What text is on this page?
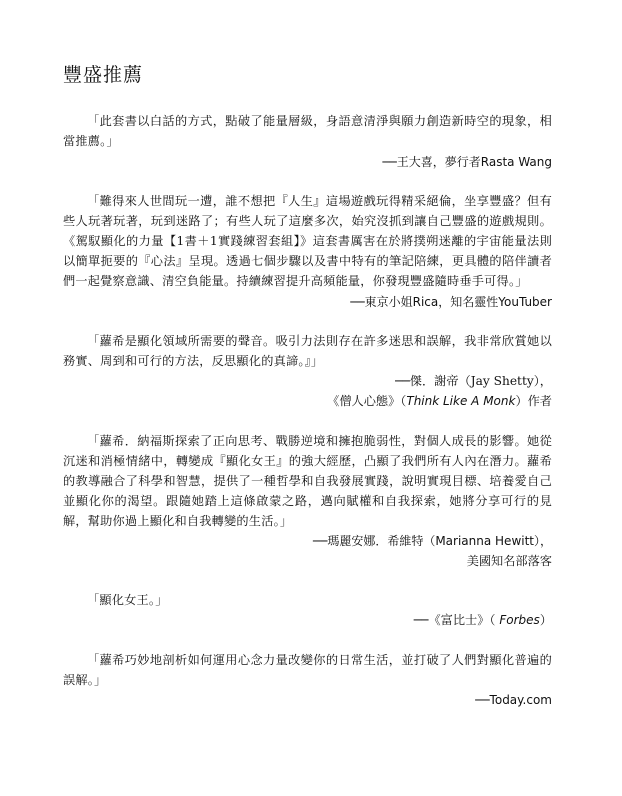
豐盛推薦

「此套書以白話的方式，點破了能量層級，身語意清淨與願力創造新時空的現象，相當推薦。」

──王大喜，夢行者Rasta Wang

「難得來人世間玩一遭，誰不想把『人生』這場遊戲玩得精采絕倫，坐享豐盛？但有些人玩著玩著，玩到迷路了；有些人玩了這麼多次，始究沒抓到讓自己豐盛的遊戲規則。《駕馭顯化的力量【1書＋1實踐練習套組】》這套書厲害在於將撲朔迷離的宇宙能量法則以簡單扼要的『心法』呈現。透過七個步驟以及書中特有的筆記陪練，更具體的陪伴讀者們一起覺察意識、清空負能量。持續練習提升高頻能量，你發現豐盛隨時垂手可得。」

──東京小姐Rica，知名靈性YouTuber

「蘿希是顯化領域所需要的聲音。吸引力法則存在許多迷思和誤解，我非常欣賞她以務實、周到和可行的方法，反思顯化的真諦。』」

──傑．謝帝（Jay Shetty），

《僧人心態》（Think Like A Monk）作者

「蘿希．納福斯探索了正向思考、戰勝逆境和擁抱脆弱性，對個人成長的影響。她從沉迷和消極情緒中，轉變成『顯化女王』的強大經歷，凸顯了我們所有人內在潛力。蘿希的教導融合了科學和智慧，提供了一種哲學和自我發展實踐，說明實現目標、培養愛自己並顯化你的渴望。跟隨她踏上這條啟蒙之路，邁向賦權和自我探索，她將分享可行的見解，幫助你過上顯化和自我轉變的生活。」

──瑪麗安娜．希維特（Marianna Hewitt），

美國知名部落客

「顯化女王。」

──《富比士》（ Forbes）

「蘿希巧妙地剖析如何運用心念力量改變你的日常生活，並打破了人們對顯化普遍的誤解。」

──Today.com
